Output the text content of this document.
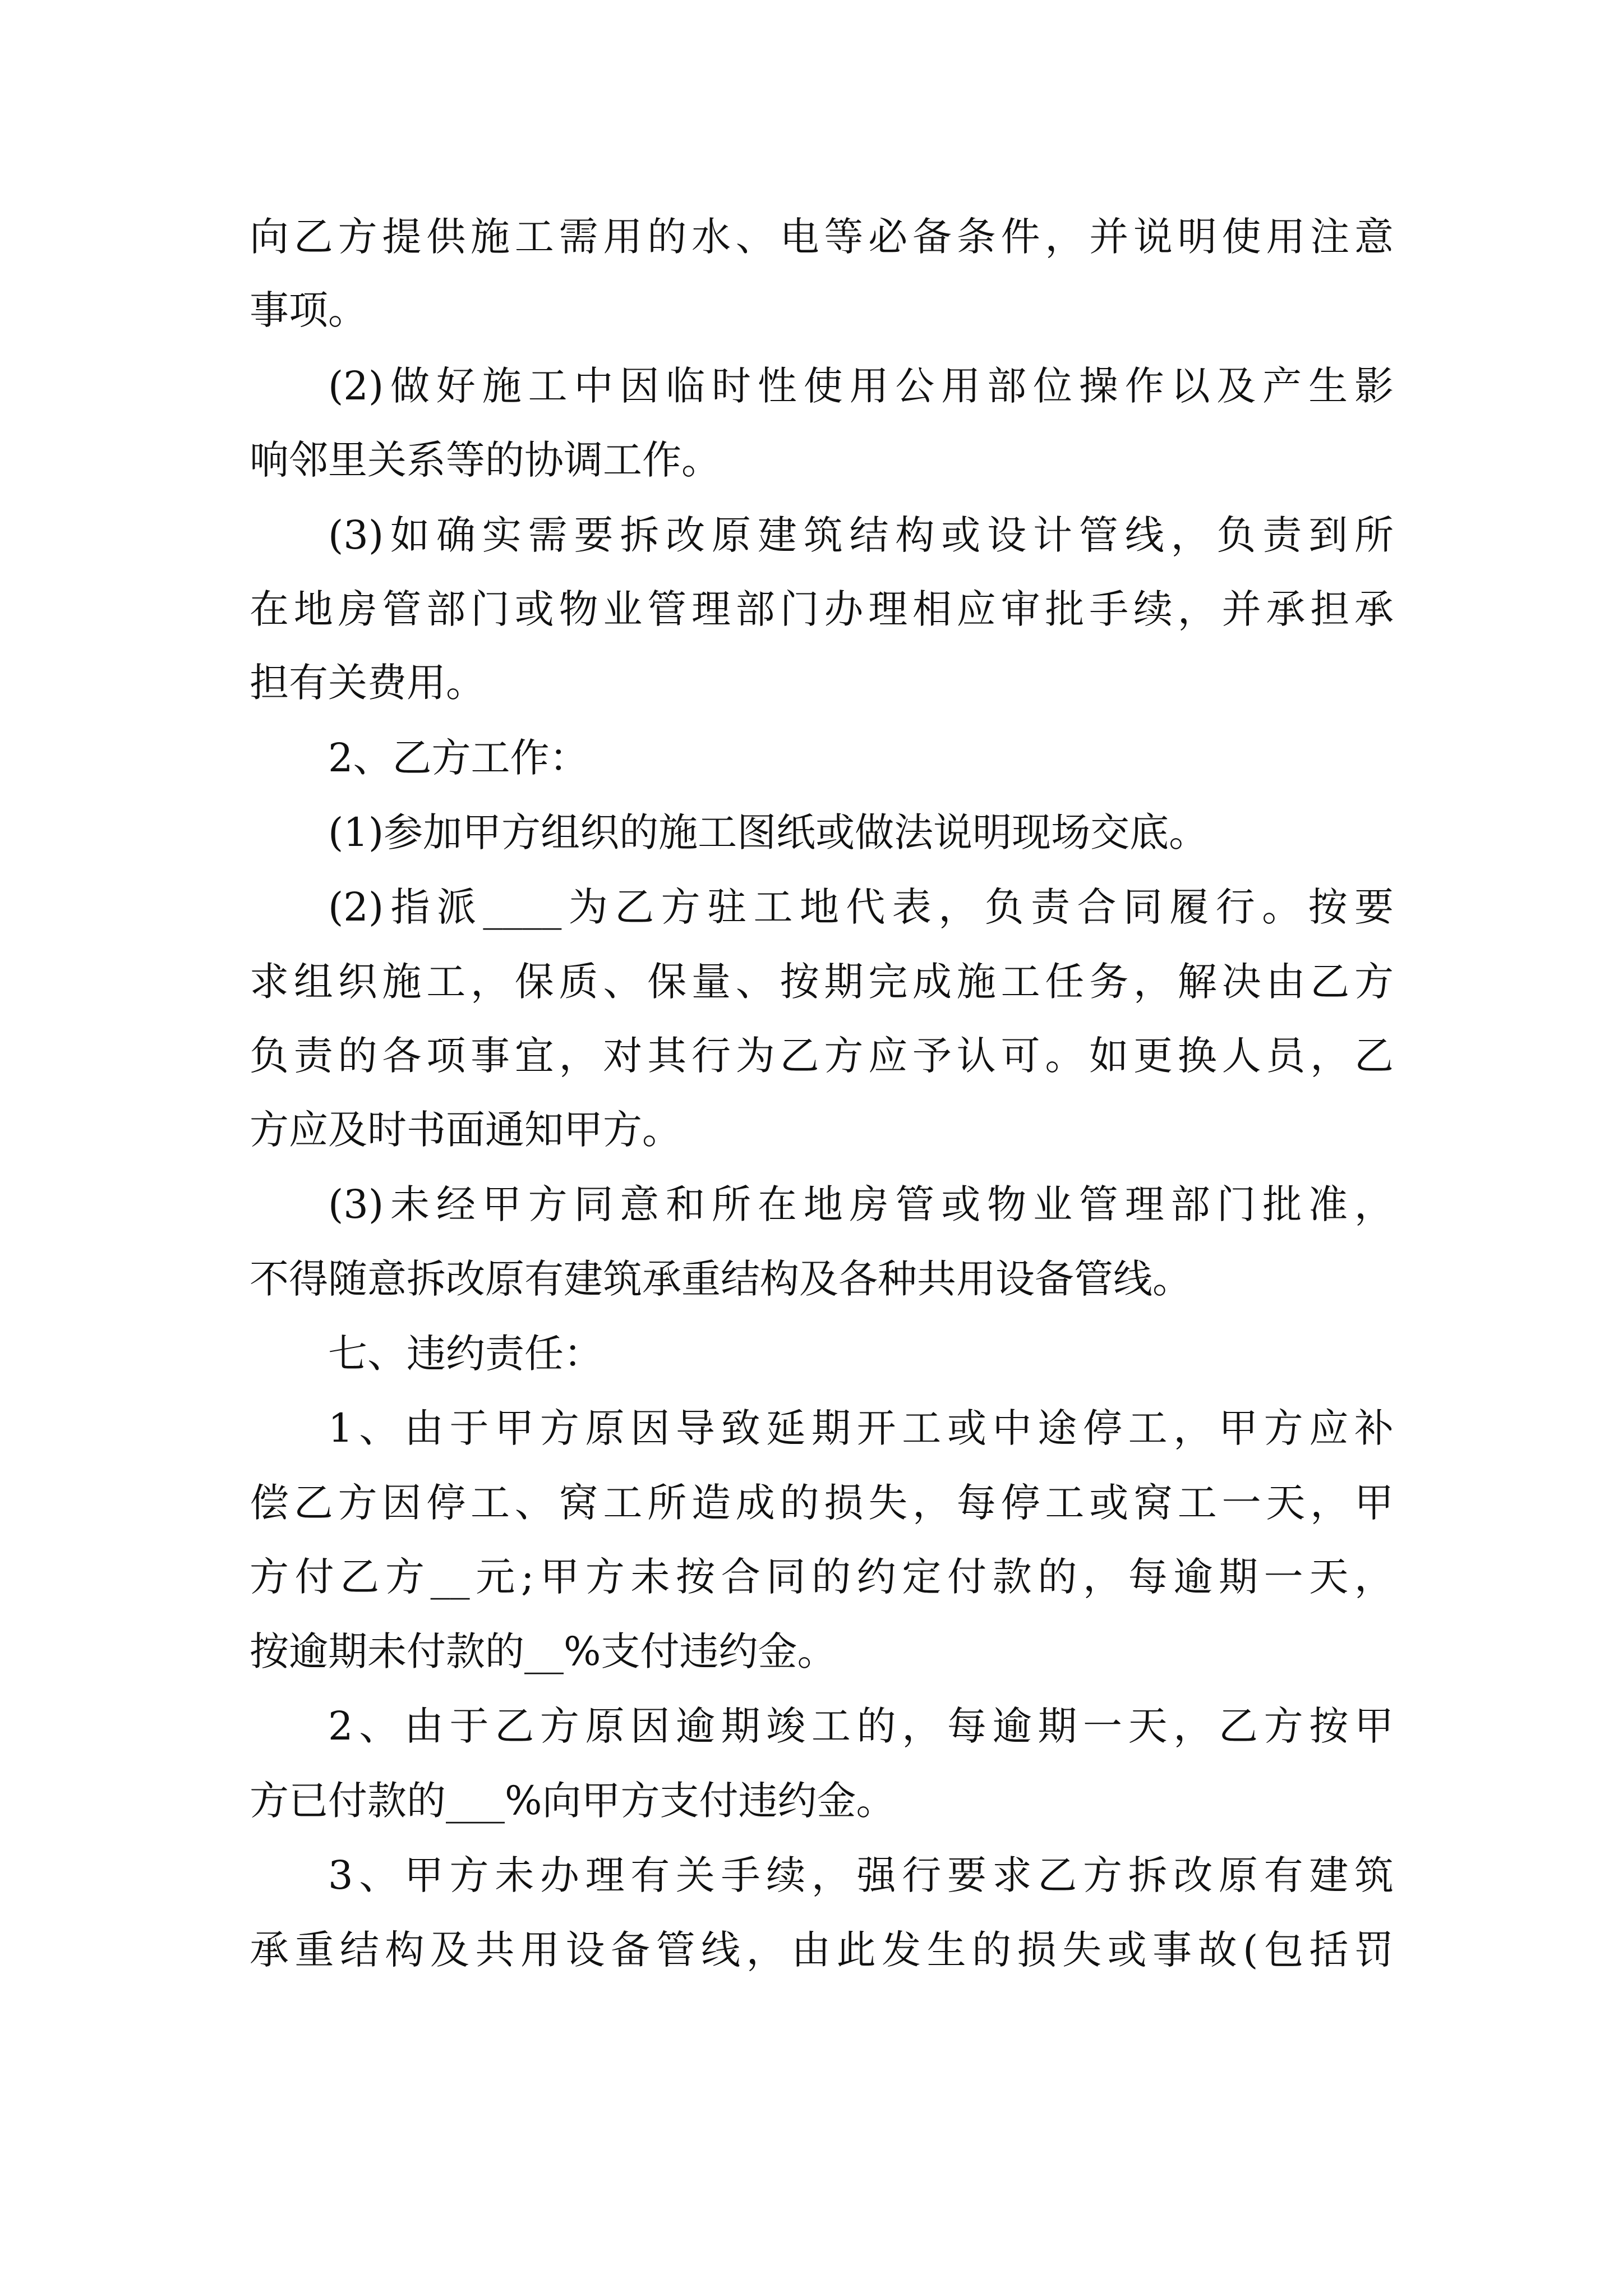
向乙方提供施工需用的水、电等必备条件，并说明使用注意
事项。
(2)做好施工中因临时性使用公用部位操作以及产生影
响邻里关系等的协调工作。
(3)如确实需要拆改原建筑结构或设计管线，负责到所
在地房管部门或物业管理部门办理相应审批手续，并承担承
担有关费用。
2、乙方工作：
(1)参加甲方组织的施工图纸或做法说明现场交底。
(2)指派____为乙方驻工地代表，负责合同履行。按要
求组织施工，保质、保量、按期完成施工任务，解决由乙方
负责的各项事宜，对其行为乙方应予认可。如更换人员，乙
方应及时书面通知甲方。
(3)未经甲方同意和所在地房管或物业管理部门批准，
不得随意拆改原有建筑承重结构及各种共用设备管线。
七、违约责任：
1、由于甲方原因导致延期开工或中途停工，甲方应补
偿乙方因停工、窝工所造成的损失，每停工或窝工一天，甲
方付乙方__元;甲方未按合同的约定付款的，每逾期一天，
按逾期未付款的__%支付违约金。
2、由于乙方原因逾期竣工的，每逾期一天，乙方按甲
方已付款的___%向甲方支付违约金。
3、甲方未办理有关手续，强行要求乙方拆改原有建筑
承重结构及共用设备管线，由此发生的损失或事故(包括罚
